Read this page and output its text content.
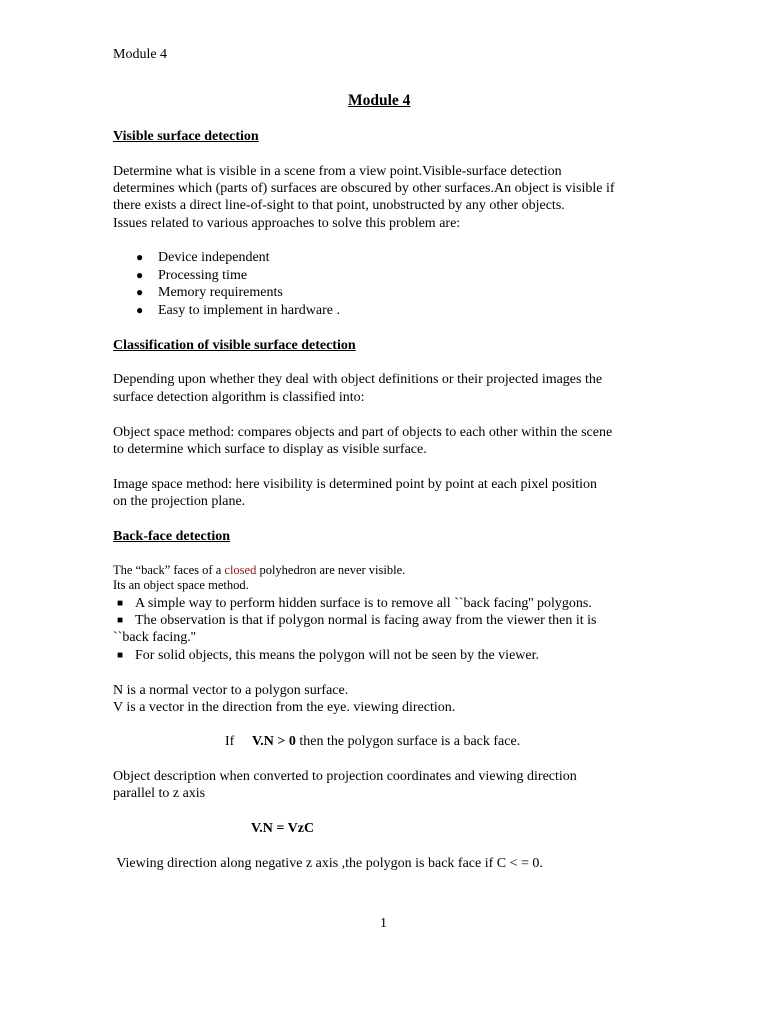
Module 4
Module 4
Visible surface detection
Determine what is visible in a scene from a view point.Visible-surface detection
determines which (parts of) surfaces are obscured by other surfaces.An object is visible if
there exists a direct line-of-sight to that point, unobstructed by any other objects.
Issues related to various approaches to solve this problem are:
● Device independent
● Processing time
● Memory requirements
● Easy to implement in hardware .
Classification of visible surface detection
Depending upon whether they deal with object definitions or their projected images the
surface detection algorithm is classified into:
Object space method: compares objects and part of objects to each other within the scene
to determine which surface to display as visible surface.
Image space method: here visibility is determined point by point at each pixel position
on the projection plane.
Back-face detection
The “back” faces of a closed polyhedron are never visible.
Its an object space method.
■ A simple way to perform hidden surface is to remove all ``back facing'' polygons.
■ The observation is that if polygon normal is facing away from the viewer then it is
``back facing.''
■ For solid objects, this means the polygon will not be seen by the viewer.
N is a normal vector to a polygon surface.
V is a vector in the direction from the eye. viewing direction.
If V.N > 0 then the polygon surface is a back face.
Object description when converted to projection coordinates and viewing direction
parallel to z axis
V.N = VzC
Viewing direction along negative z axis ,the polygon is back face if C < = 0.
1
